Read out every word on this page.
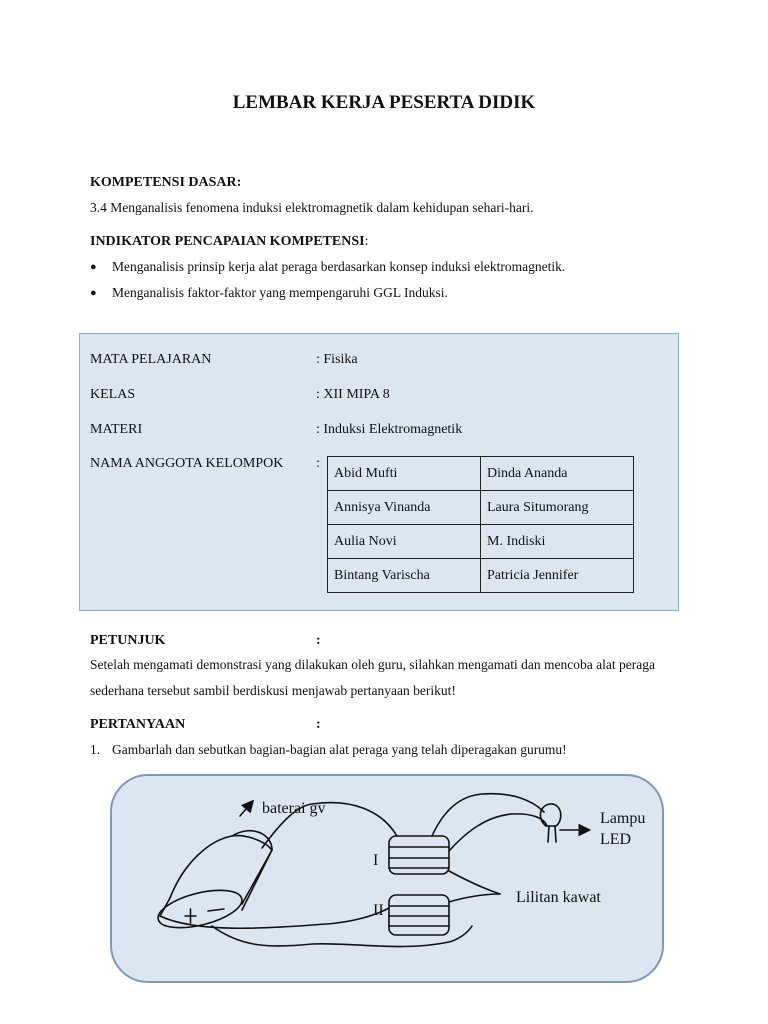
LEMBAR KERJA PESERTA DIDIK
KOMPETENSI DASAR:
3.4 Menganalisis fenomena induksi elektromagnetik dalam kehidupan sehari-hari.
INDIKATOR PENCAPAIAN KOMPETENSI:
●	Menganalisis prinsip kerja alat peraga berdasarkan konsep induksi elektromagnetik.
●	Menganalisis faktor-faktor yang mempengaruhi GGL Induksi.
MATA PELAJARAN	: Fisika
KELAS	: XII MIPA 8
MATERI	: Induksi Elektromagnetik
NAMA ANGGOTA KELOMPOK :
Abid Mufti	Dinda Ananda
Annisya Vinanda	Laura Situmorang
Aulia Novi	M. Indiski
Bintang Varischa	Patricia Jennifer
PETUNJUK	:
Setelah mengamati demonstrasi yang dilakukan oleh guru, silahkan mengamati dan mencoba alat peraga
sederhana tersebut sambil berdiskusi menjawab pertanyaan berikut!
PERTANYAAN	:
1. Gambarlah dan sebutkan bagian-bagian alat peraga yang telah diperagakan gurumu!
baterai gv
Lampu
LED
I
II
Lilitan kawat
